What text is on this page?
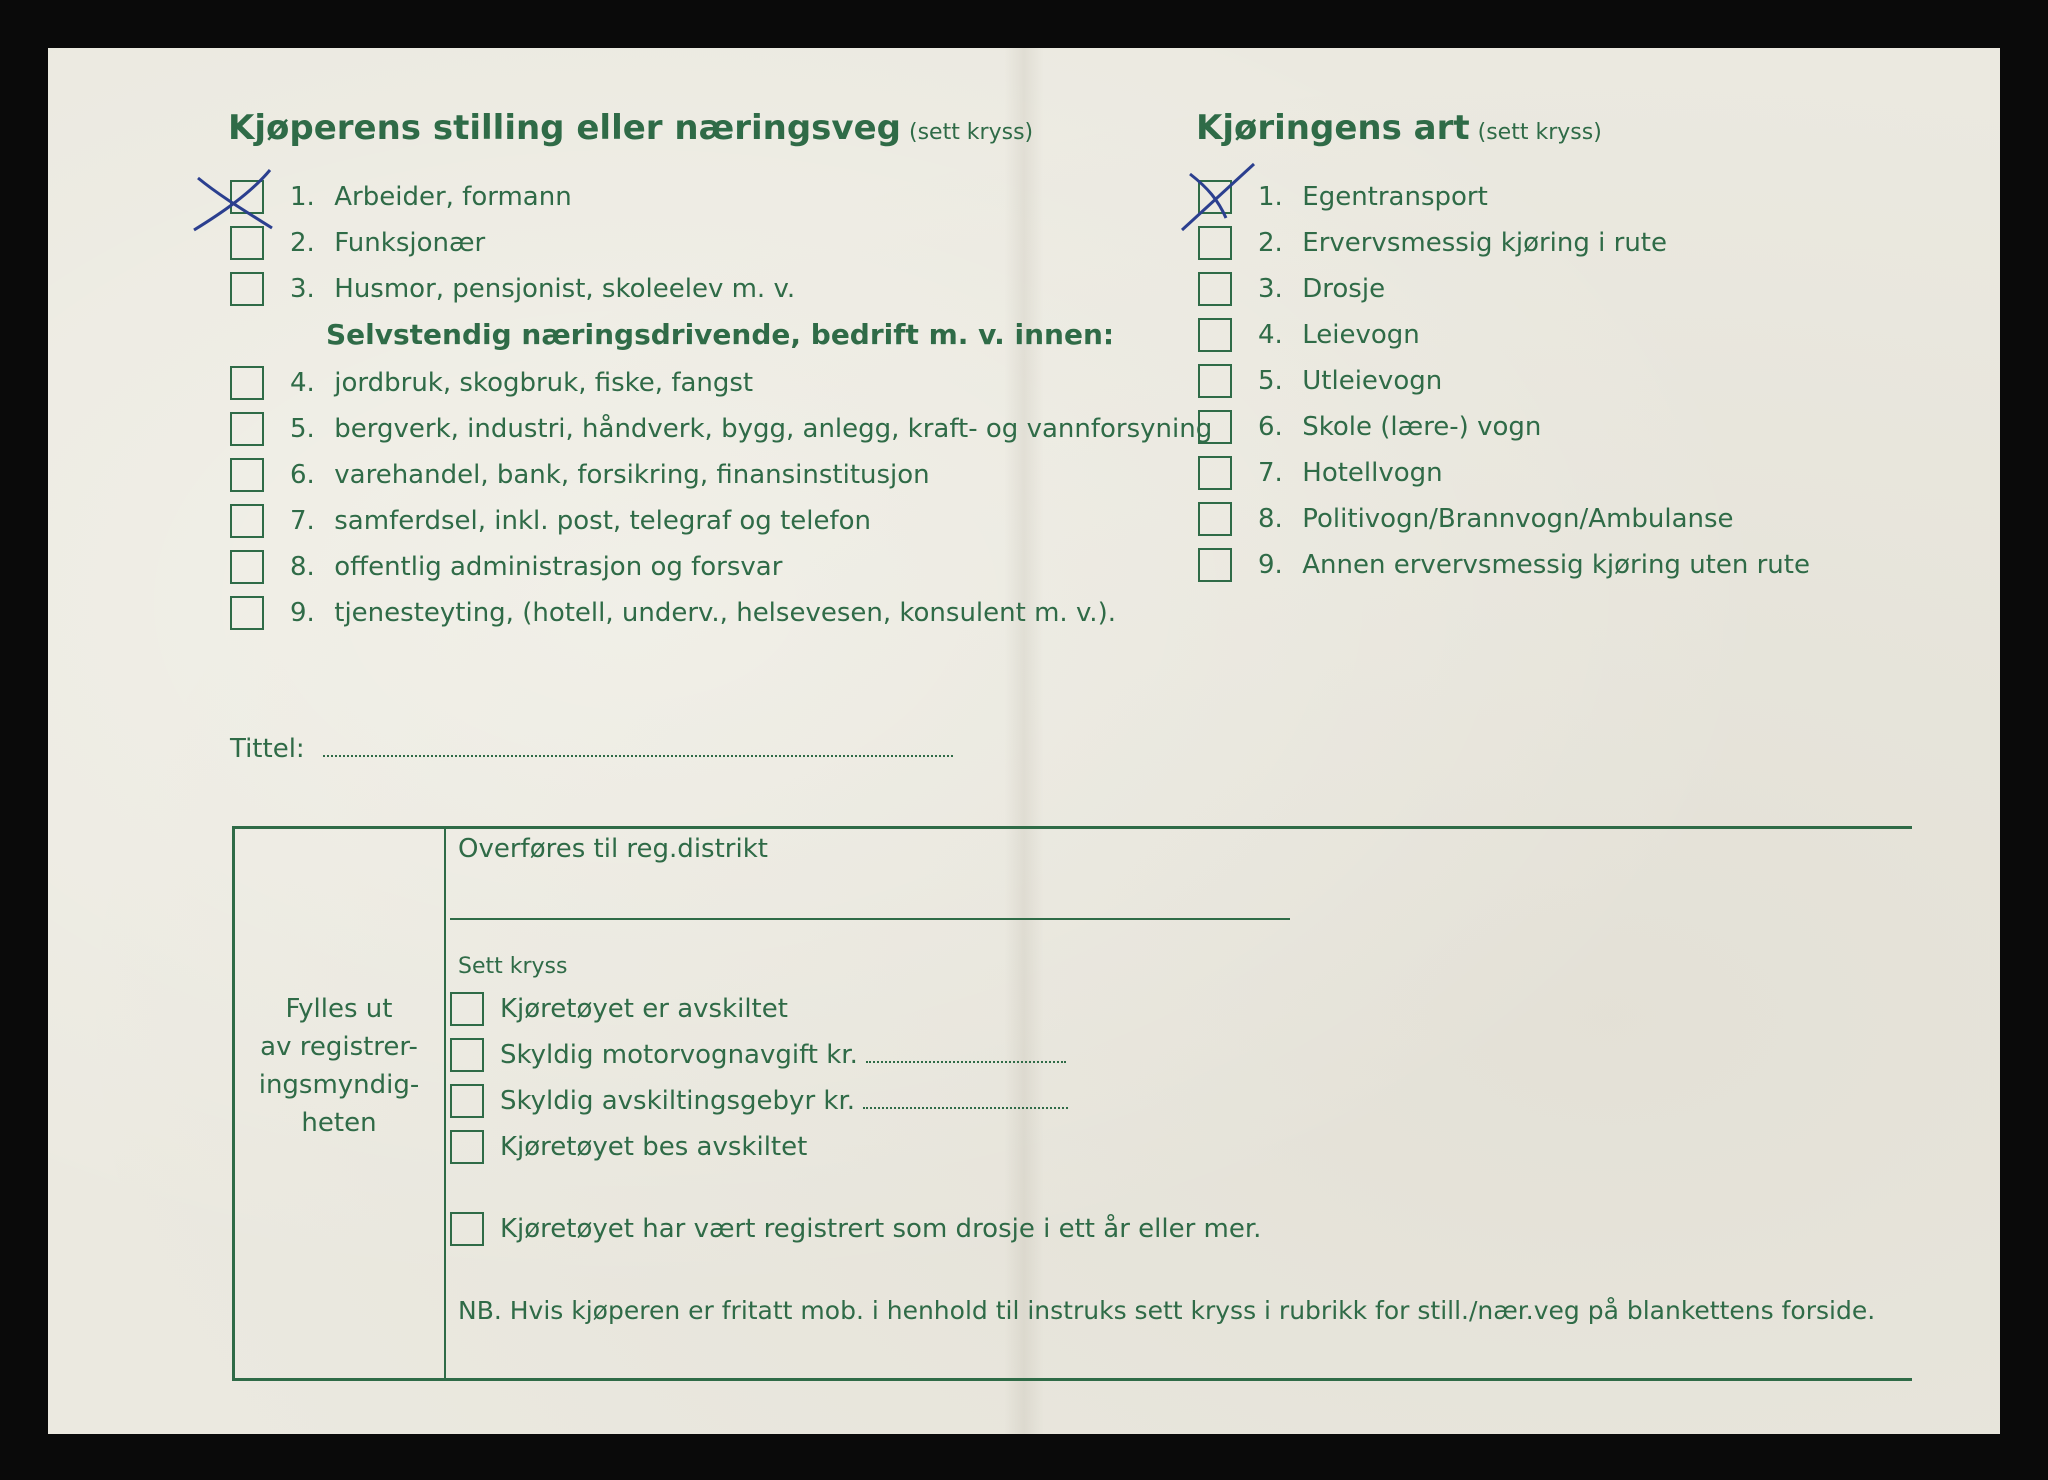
Kjøperens stilling eller næringsveg (sett kryss)	Kjøringens art (sett kryss)
1. Arbeider, formann
2. Funksjonær
3. Husmor, pensjonist, skoleelev m. v.
Selvstendig næringsdrivende, bedrift m. v. innen:
4. jordbruk, skogbruk, fiske, fangst
5. bergverk, industri, håndverk, bygg, anlegg, kraft- og vannforsyning
6. varehandel, bank, forsikring, finansinstitusjon
7. samferdsel, inkl. post, telegraf og telefon
8. offentlig administrasjon og forsvar
9. tjenesteyting, (hotell, underv., helsevesen, konsulent m. v.).
1. Egentransport
2. Ervervsmessig kjøring i rute
3. Drosje
4. Leievogn
5. Utleievogn
6. Skole (lære-) vogn
7. Hotellvogn
8. Politivogn/Brannvogn/Ambulanse
9. Annen ervervsmessig kjøring uten rute
Tittel:
Fylles ut
av registrer-
ingsmyndig-
heten
Overføres til reg.distrikt
Sett kryss
Kjøretøyet er avskiltet
Skyldig motorvognavgift kr.
Skyldig avskiltingsgebyr kr.
Kjøretøyet bes avskiltet
Kjøretøyet har vært registrert som drosje i ett år eller mer.
NB. Hvis kjøperen er fritatt mob. i henhold til instruks sett kryss i rubrikk for still./nær.veg på blankettens forside.
